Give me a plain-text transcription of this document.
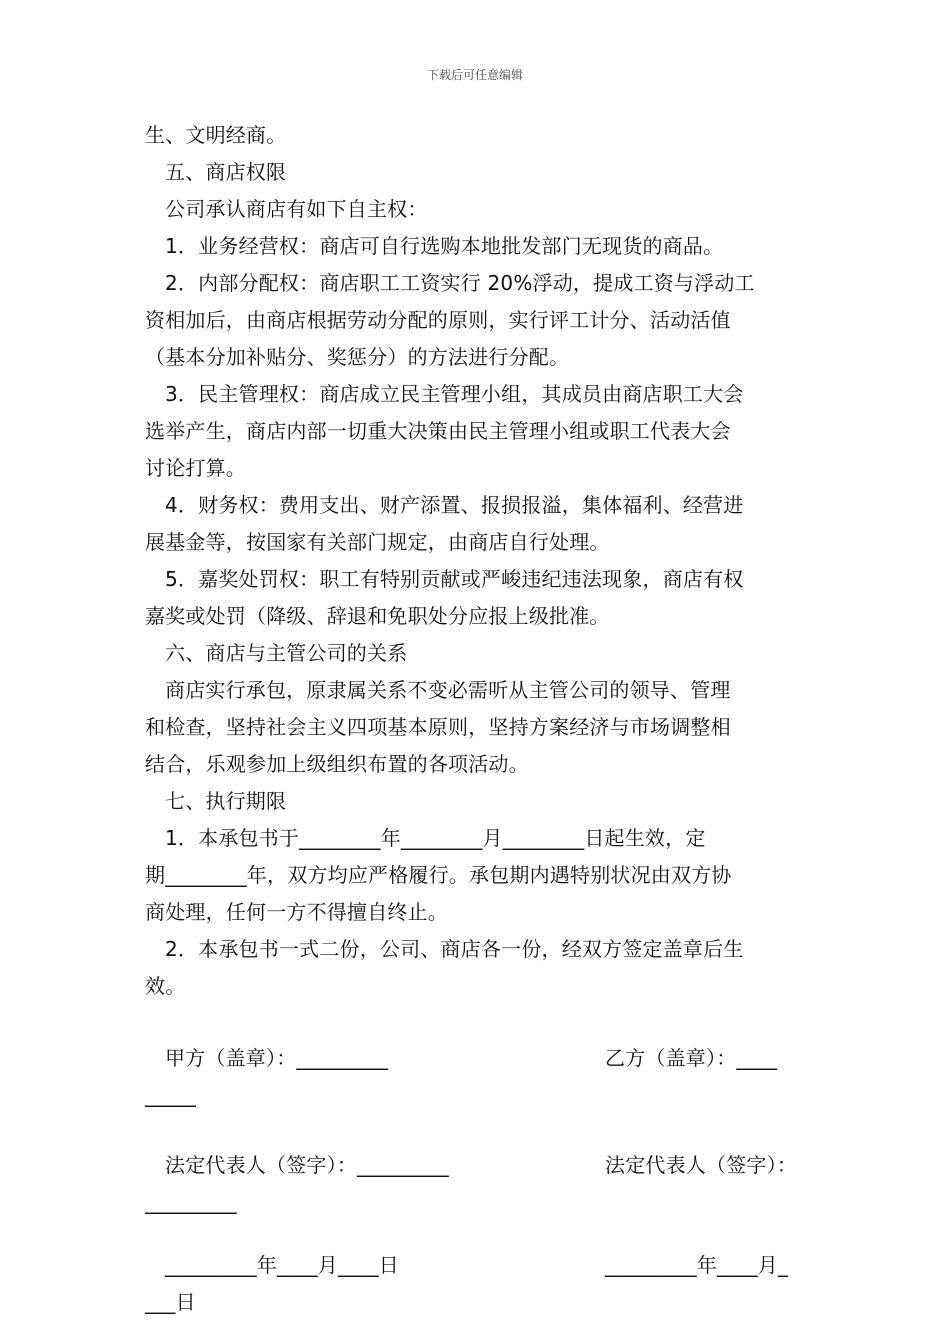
下载后可任意编辑

生、文明经商。

五、商店权限

公司承认商店有如下自主权：

1．业务经营权：商店可自行选购本地批发部门无现货的商品。

2．内部分配权：商店职工工资实行 20%浮动，提成工资与浮动工

资相加后，由商店根据劳动分配的原则，实行评工计分、活动活值

（基本分加补贴分、奖惩分）的方法进行分配。

3．民主管理权：商店成立民主管理小组，其成员由商店职工大会

选举产生，商店内部一切重大决策由民主管理小组或职工代表大会

讨论打算。

4．财务权：费用支出、财产添置、报损报溢，集体福利、经营进

展基金等，按国家有关部门规定，由商店自行处理。

5．嘉奖处罚权：职工有特别贡献或严峻违纪违法现象，商店有权

嘉奖或处罚（降级、辞退和免职处分应报上级批准。

六、商店与主管公司的关系

商店实行承包，原隶属关系不变必需听从主管公司的领导、管理

和检查，坚持社会主义四项基本原则，坚持方案经济与市场调整相

结合，乐观参加上级组织布置的各项活动。

七、执行期限

1．本承包书于________年________月________日起生效，定

期________年，双方均应严格履行。承包期内遇特别状况由双方协

商处理，任何一方不得擅自终止。

2．本承包书一式二份，公司、商店各一份，经双方签定盖章后生

效。

甲方（盖章）：_________	乙方（盖章）：____
_____
法定代表人（签字）：_________	法定代表人（签字）：
_________
_________年____月____日	_________年____月_
___日
